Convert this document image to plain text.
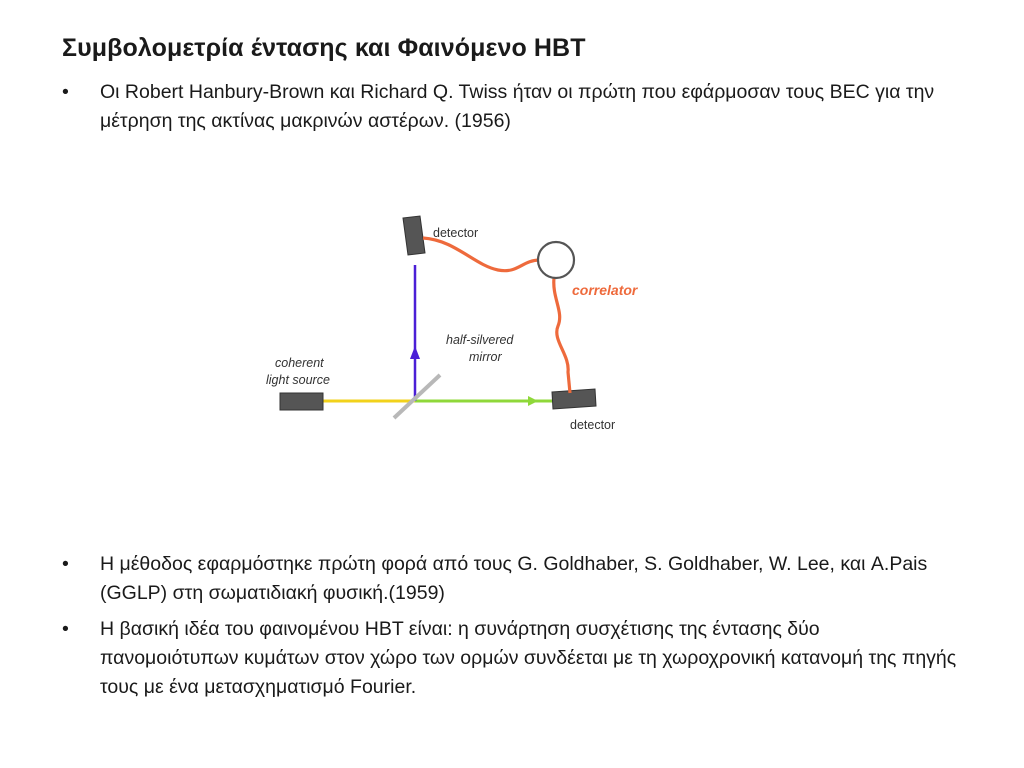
Συμβολομετρία έντασης και Φαινόμενο HBT
• Οι Robert Hanbury-Brown και Richard Q. Twiss ήταν οι πρώτη που εφάρμοσαν τους BEC για την μέτρηση της ακτίνας μακρινών αστέρων. (1956)
detector
correlator
half-silvered
mirror
coherent
light source
detector
• Η μέθοδος εφαρμόστηκε πρώτη φορά από τους G. Goldhaber, S. Goldhaber, W. Lee, και A.Pais (GGLP) στη σωματιδιακή φυσική.(1959)
• Η βασική ιδέα του φαινομένου HBT είναι: η συνάρτηση συσχέτισης της έντασης δύο πανομοιότυπων κυμάτων στον χώρο των ορμών συνδέεται με τη χωροχρονική κατανομή της πηγής τους με ένα μετασχηματισμό Fourier.
